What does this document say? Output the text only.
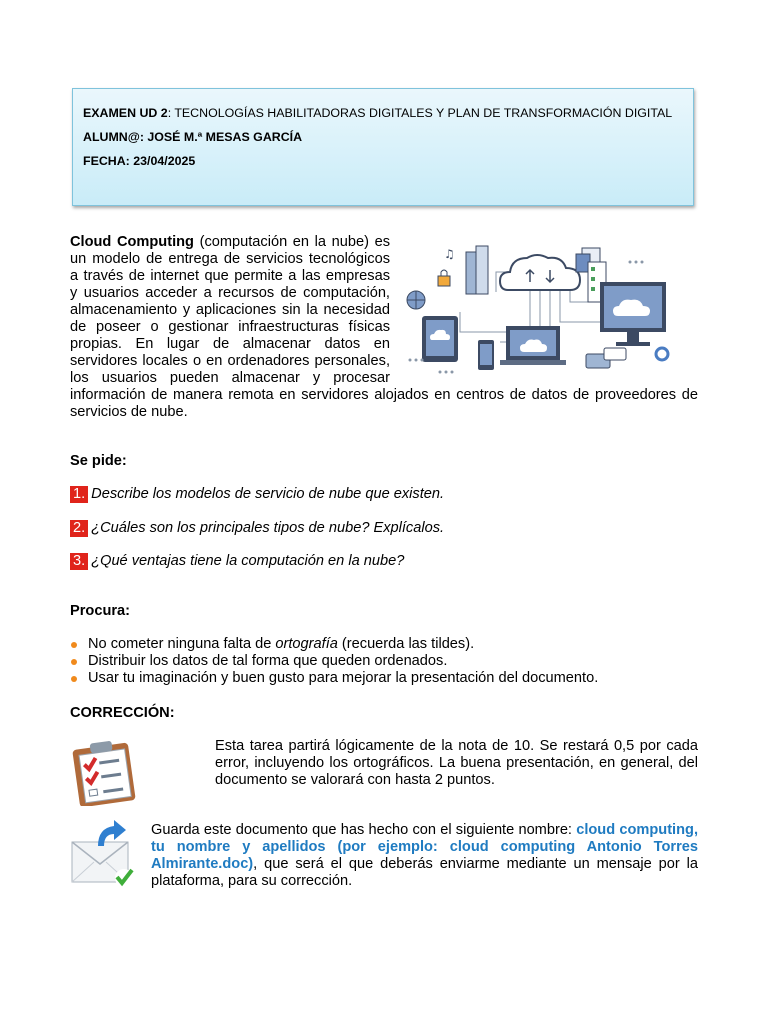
EXAMEN UD 2: TECNOLOGÍAS HABILITADORAS DIGITALES Y PLAN DE TRANSFORMACIÓN DIGITAL

ALUMN@: JOSÉ M.ª MESAS GARCÍA

FECHA: 23/04/2025

♫
Cloud Computing (computación en la nube) es un modelo de entrega de servicios tecnológicos a través de internet que permite a las empresas y usuarios acceder a recursos de computación, almacenamiento y aplicaciones sin la necesidad de poseer o gestionar infraestructuras físicas propias. En lugar de almacenar datos en servidores locales o en ordenadores personales, los usuarios pueden almacenar y procesar información de manera remota en servidores alojados en centros de datos de proveedores de servicios de nube.
Se pide:
1. Describe los modelos de servicio de nube que existen.
2. ¿Cuáles son los principales tipos de nube? Explícalos.
3. ¿Qué ventajas tiene la computación en la nube?
Procura:
No cometer ninguna falta de ortografía (recuerda las tildes).
Distribuir los datos de tal forma que queden ordenados.
Usar tu imaginación y buen gusto para mejorar la presentación del documento.
CORRECCIÓN:
Esta tarea partirá lógicamente de la nota de 10. Se restará 0,5 por cada error, incluyendo los ortográficos. La buena presentación, en general, del documento se valorará con hasta 2 puntos.
Guarda este documento que has hecho con el siguiente nombre: cloud computing, tu nombre y apellidos (por ejemplo: cloud computing Antonio Torres Almirante.doc), que será el que deberás enviarme mediante un mensaje por la plataforma, para su corrección.
